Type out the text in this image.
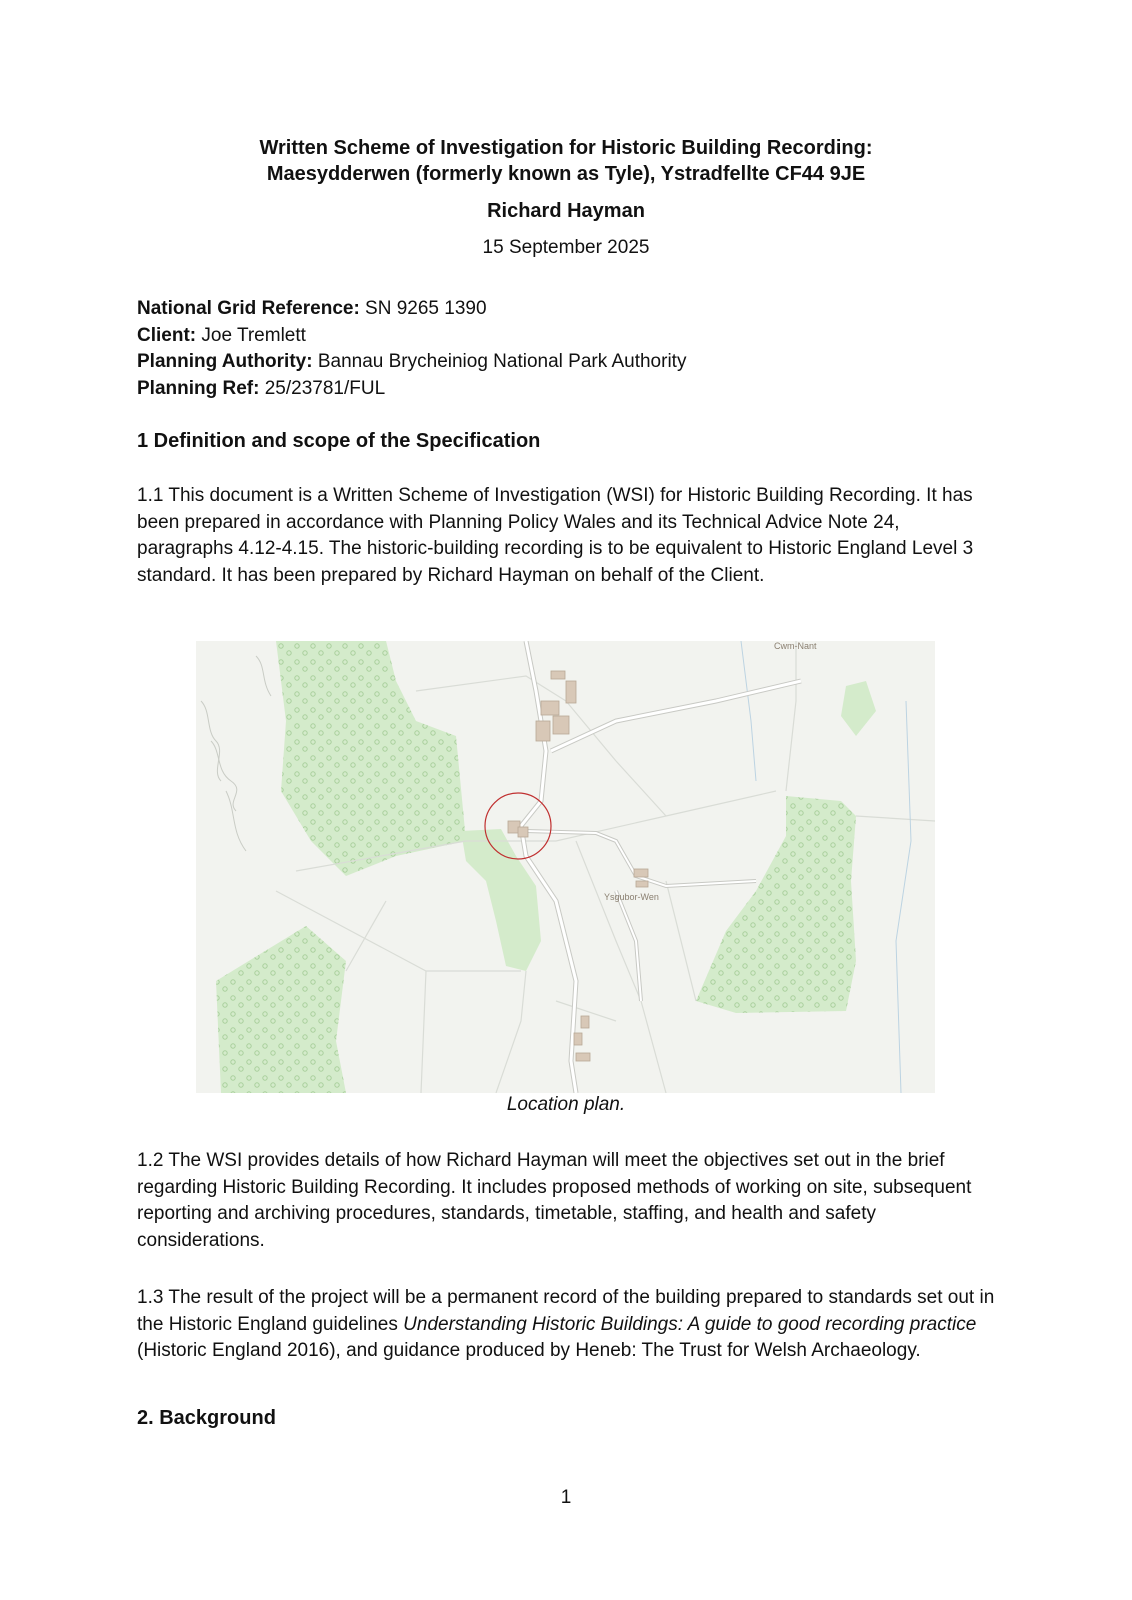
Written Scheme of Investigation for Historic Building Recording:
Maesydderwen (formerly known as Tyle), Ystradfellte CF44 9JE
Richard Hayman
15 September 2025
National Grid Reference: SN 9265 1390
Client: Joe Tremlett
Planning Authority: Bannau Brycheiniog National Park Authority
Planning Ref: 25/23781/FUL
1 Definition and scope of the Specification
1.1 This document is a Written Scheme of Investigation (WSI) for Historic Building Recording. It has been prepared in accordance with Planning Policy Wales and its Technical Advice Note 24, paragraphs 4.12-4.15. The historic-building recording is to be equivalent to Historic England Level 3 standard. It has been prepared by Richard Hayman on behalf of the Client.
Cwm-Nant
Ysgubor-Wen
Location plan.
1.2 The WSI provides details of how Richard Hayman will meet the objectives set out in the brief regarding Historic Building Recording. It includes proposed methods of working on site, subsequent reporting and archiving procedures, standards, timetable, staffing, and health and safety considerations.
1.3 The result of the project will be a permanent record of the building prepared to standards set out in the Historic England guidelines Understanding Historic Buildings: A guide to good recording practice (Historic England 2016), and guidance produced by Heneb: The Trust for Welsh Archaeology.
2. Background
1
